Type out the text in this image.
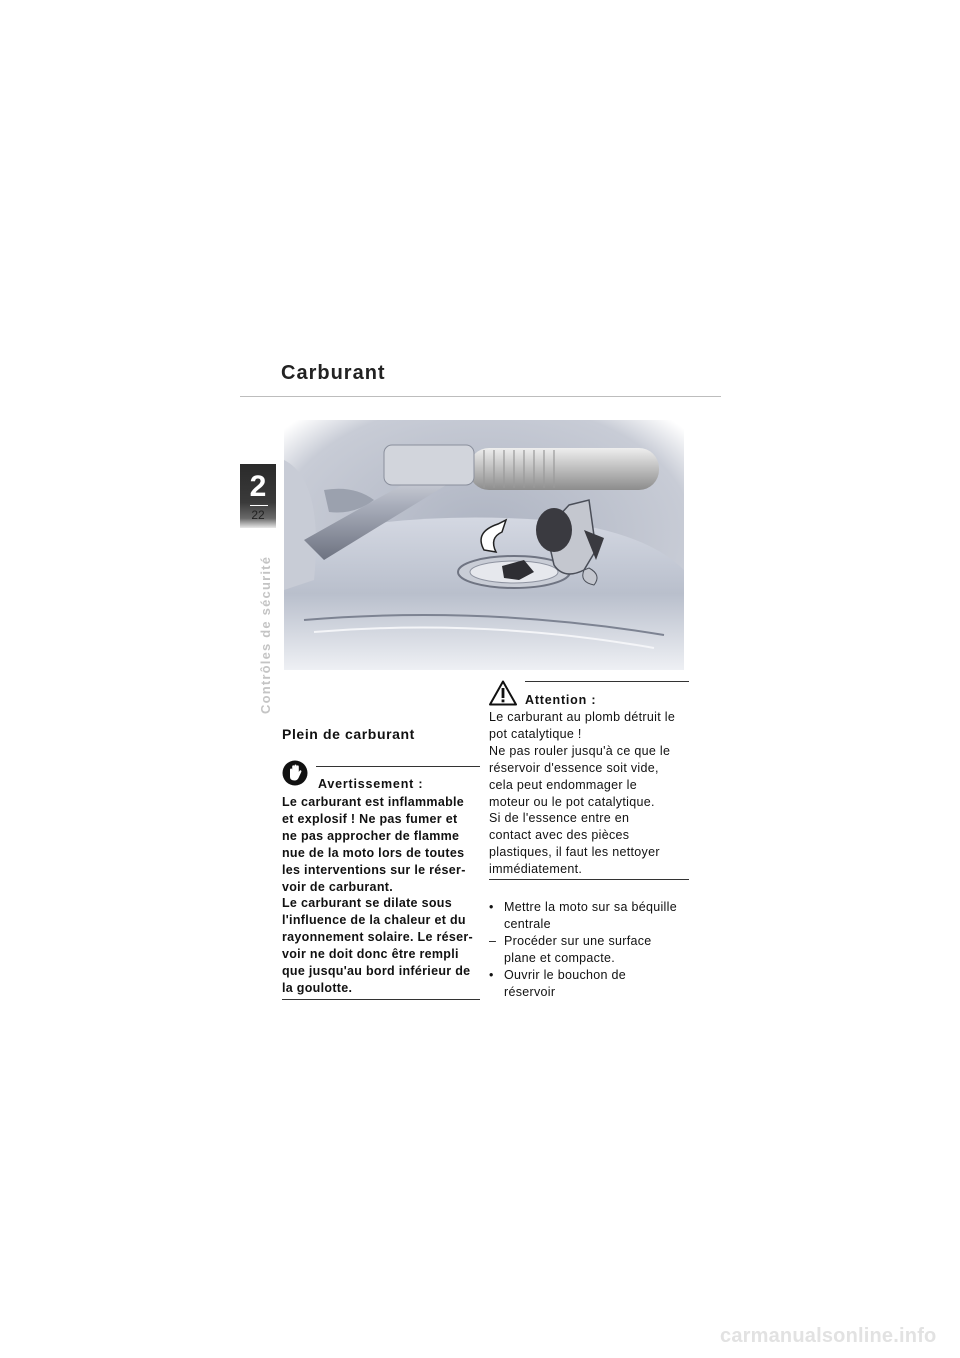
Carburant
2
22
Contrôles de sécurité
Plein de carburant
Avertissement :
Le carburant est inflammable
et explosif ! Ne pas fumer et
ne pas approcher de flamme
nue de la moto lors de toutes
les interventions sur le réser-
voir de carburant.
Le carburant se dilate sous
l'influence de la chaleur et du
rayonnement solaire. Le réser-
voir ne doit donc être rempli
que jusqu'au bord inférieur de
la goulotte.
Attention :
Le carburant au plomb détruit le
pot catalytique !
Ne pas rouler jusqu'à ce que le
réservoir d'essence soit vide,
cela peut endommager le
moteur ou le pot catalytique.
Si de l'essence entre en
contact avec des pièces
plastiques, il faut les nettoyer
immédiatement.
• Mettre la moto sur sa béquille
centrale
– Procéder sur une surface
plane et compacte.
• Ouvrir le bouchon de
réservoir
carmanualsonline.info
